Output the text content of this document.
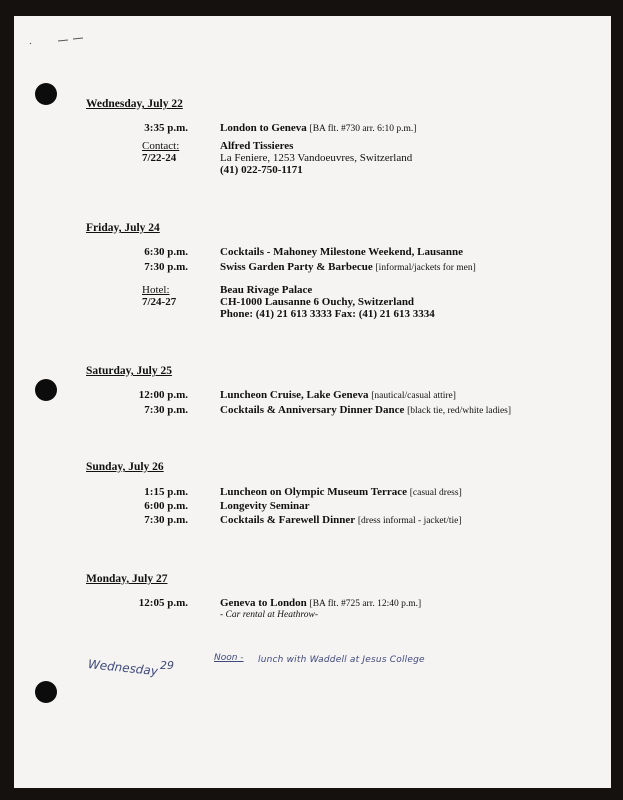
Wednesday, July 22
3:35 p.m.	London to Geneva [BA flt. #730 arr. 6:10 p.m.]
Contact:	Alfred Tissieres
7/22-24	La Feniere, 1253 Vandoeuvres, Switzerland
(41) 022-750-1171
Friday, July 24
6:30 p.m.	Cocktails - Mahoney Milestone Weekend, Lausanne
7:30 p.m.	Swiss Garden Party & Barbecue [informal/jackets for men]
Hotel:	Beau Rivage Palace
7/24-27	CH-1000 Lausanne 6 Ouchy, Switzerland
Phone: (41) 21 613 3333 Fax: (41) 21 613 3334
Saturday, July 25
12:00 p.m.	Luncheon Cruise, Lake Geneva [nautical/casual attire]
7:30 p.m.	Cocktails & Anniversary Dinner Dance [black tie, red/white ladies]
Sunday, July 26
1:15 p.m.	Luncheon on Olympic Museum Terrace [casual dress]
6:00 p.m.	Longevity Seminar
7:30 p.m.	Cocktails & Farewell Dinner [dress informal - jacket/tie]
Monday, July 27
12:05 p.m.	Geneva to London [BA flt. #725 arr. 12:40 p.m.]
- Car rental at Heathrow-
Wednesday 29
Noon - lunch with Waddell at Jesus College
